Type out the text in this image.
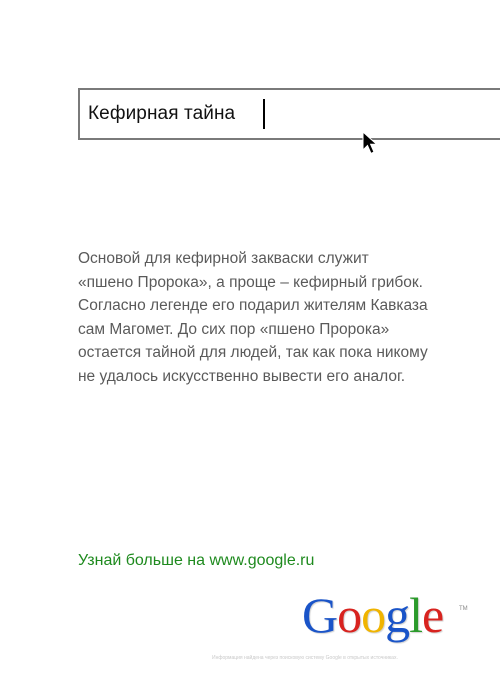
Кефирная тайна

Основой для кефирной закваски служит
«пшено Пророка», а проще – кефирный грибок.
Согласно легенде его подарил жителям Кавказа
сам Магомет. До сих пор «пшено Пророка»
остается тайной для людей, так как пока никому
не удалось искусственно вывести его аналог.

Узнай больше на www.google.ru
Google	TM
Информация найдена через поисковую систему Google в открытых источниках.
